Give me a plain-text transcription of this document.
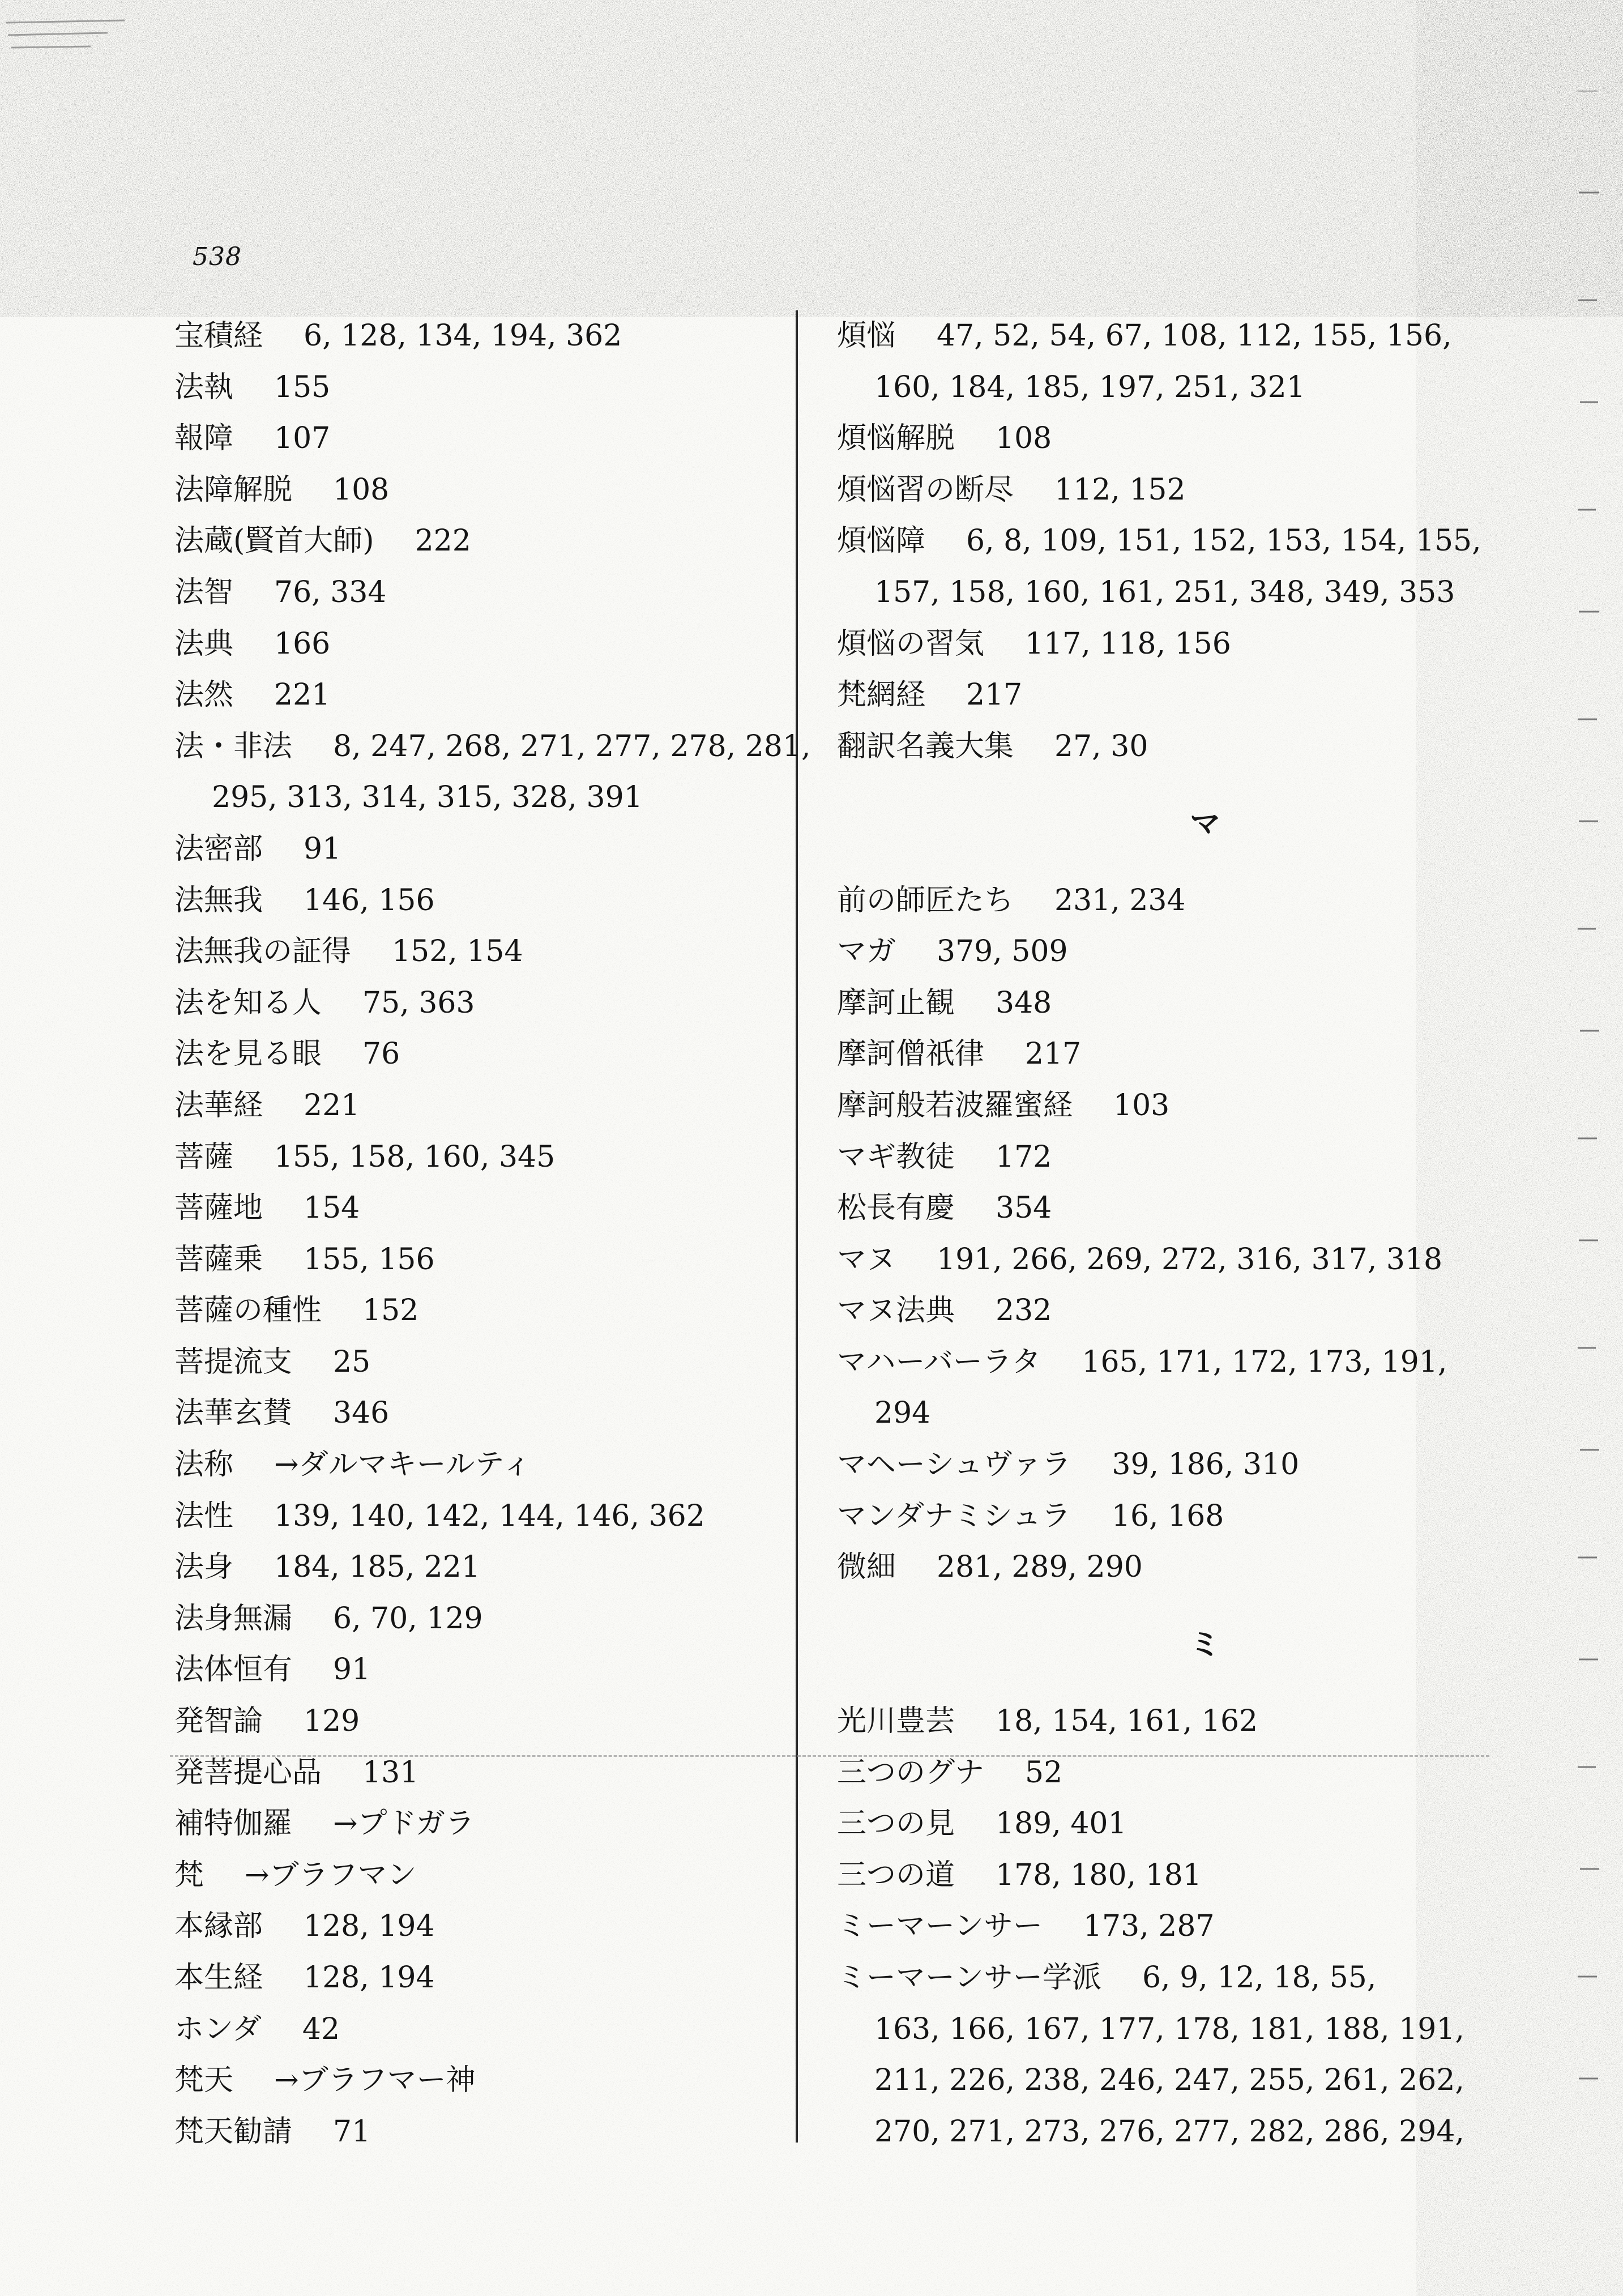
538
宝積経 6, 128, 134, 194, 362
法執 155
報障 107
法障解脱 108
法蔵(賢首大師) 222
法智 76, 334
法典 166
法然 221
法・非法 8, 247, 268, 271, 277, 278, 281,
295, 313, 314, 315, 328, 391
法密部 91
法無我 146, 156
法無我の証得 152, 154
法を知る人 75, 363
法を見る眼 76
法華経 221
菩薩 155, 158, 160, 345
菩薩地 154
菩薩乗 155, 156
菩薩の種性 152
菩提流支 25
法華玄賛 346
法称 →ダルマキールティ
法性 139, 140, 142, 144, 146, 362
法身 184, 185, 221
法身無漏 6, 70, 129
法体恒有 91
発智論 129
発菩提心品 131
補特伽羅 →プドガラ
梵 →ブラフマン
本縁部 128, 194
本生経 128, 194
ホンダ 42
梵天 →ブラフマー神
梵天勧請 71
煩悩 47, 52, 54, 67, 108, 112, 155, 156,
160, 184, 185, 197, 251, 321
煩悩解脱 108
煩悩習の断尽 112, 152
煩悩障 6, 8, 109, 151, 152, 153, 154, 155,
157, 158, 160, 161, 251, 348, 349, 353
煩悩の習気 117, 118, 156
梵網経 217
翻訳名義大集 27, 30
マ
前の師匠たち 231, 234
マガ 379, 509
摩訶止観 348
摩訶僧祇律 217
摩訶般若波羅蜜経 103
マギ教徒 172
松長有慶 354
マヌ 191, 266, 269, 272, 316, 317, 318
マヌ法典 232
マハーバーラタ 165, 171, 172, 173, 191,
294
マヘーシュヴァラ 39, 186, 310
マンダナミシュラ 16, 168
微細 281, 289, 290
ミ
光川豊芸 18, 154, 161, 162
三つのグナ 52
三つの見 189, 401
三つの道 178, 180, 181
ミーマーンサー 173, 287
ミーマーンサー学派 6, 9, 12, 18, 55,
163, 166, 167, 177, 178, 181, 188, 191,
211, 226, 238, 246, 247, 255, 261, 262,
270, 271, 273, 276, 277, 282, 286, 294,
